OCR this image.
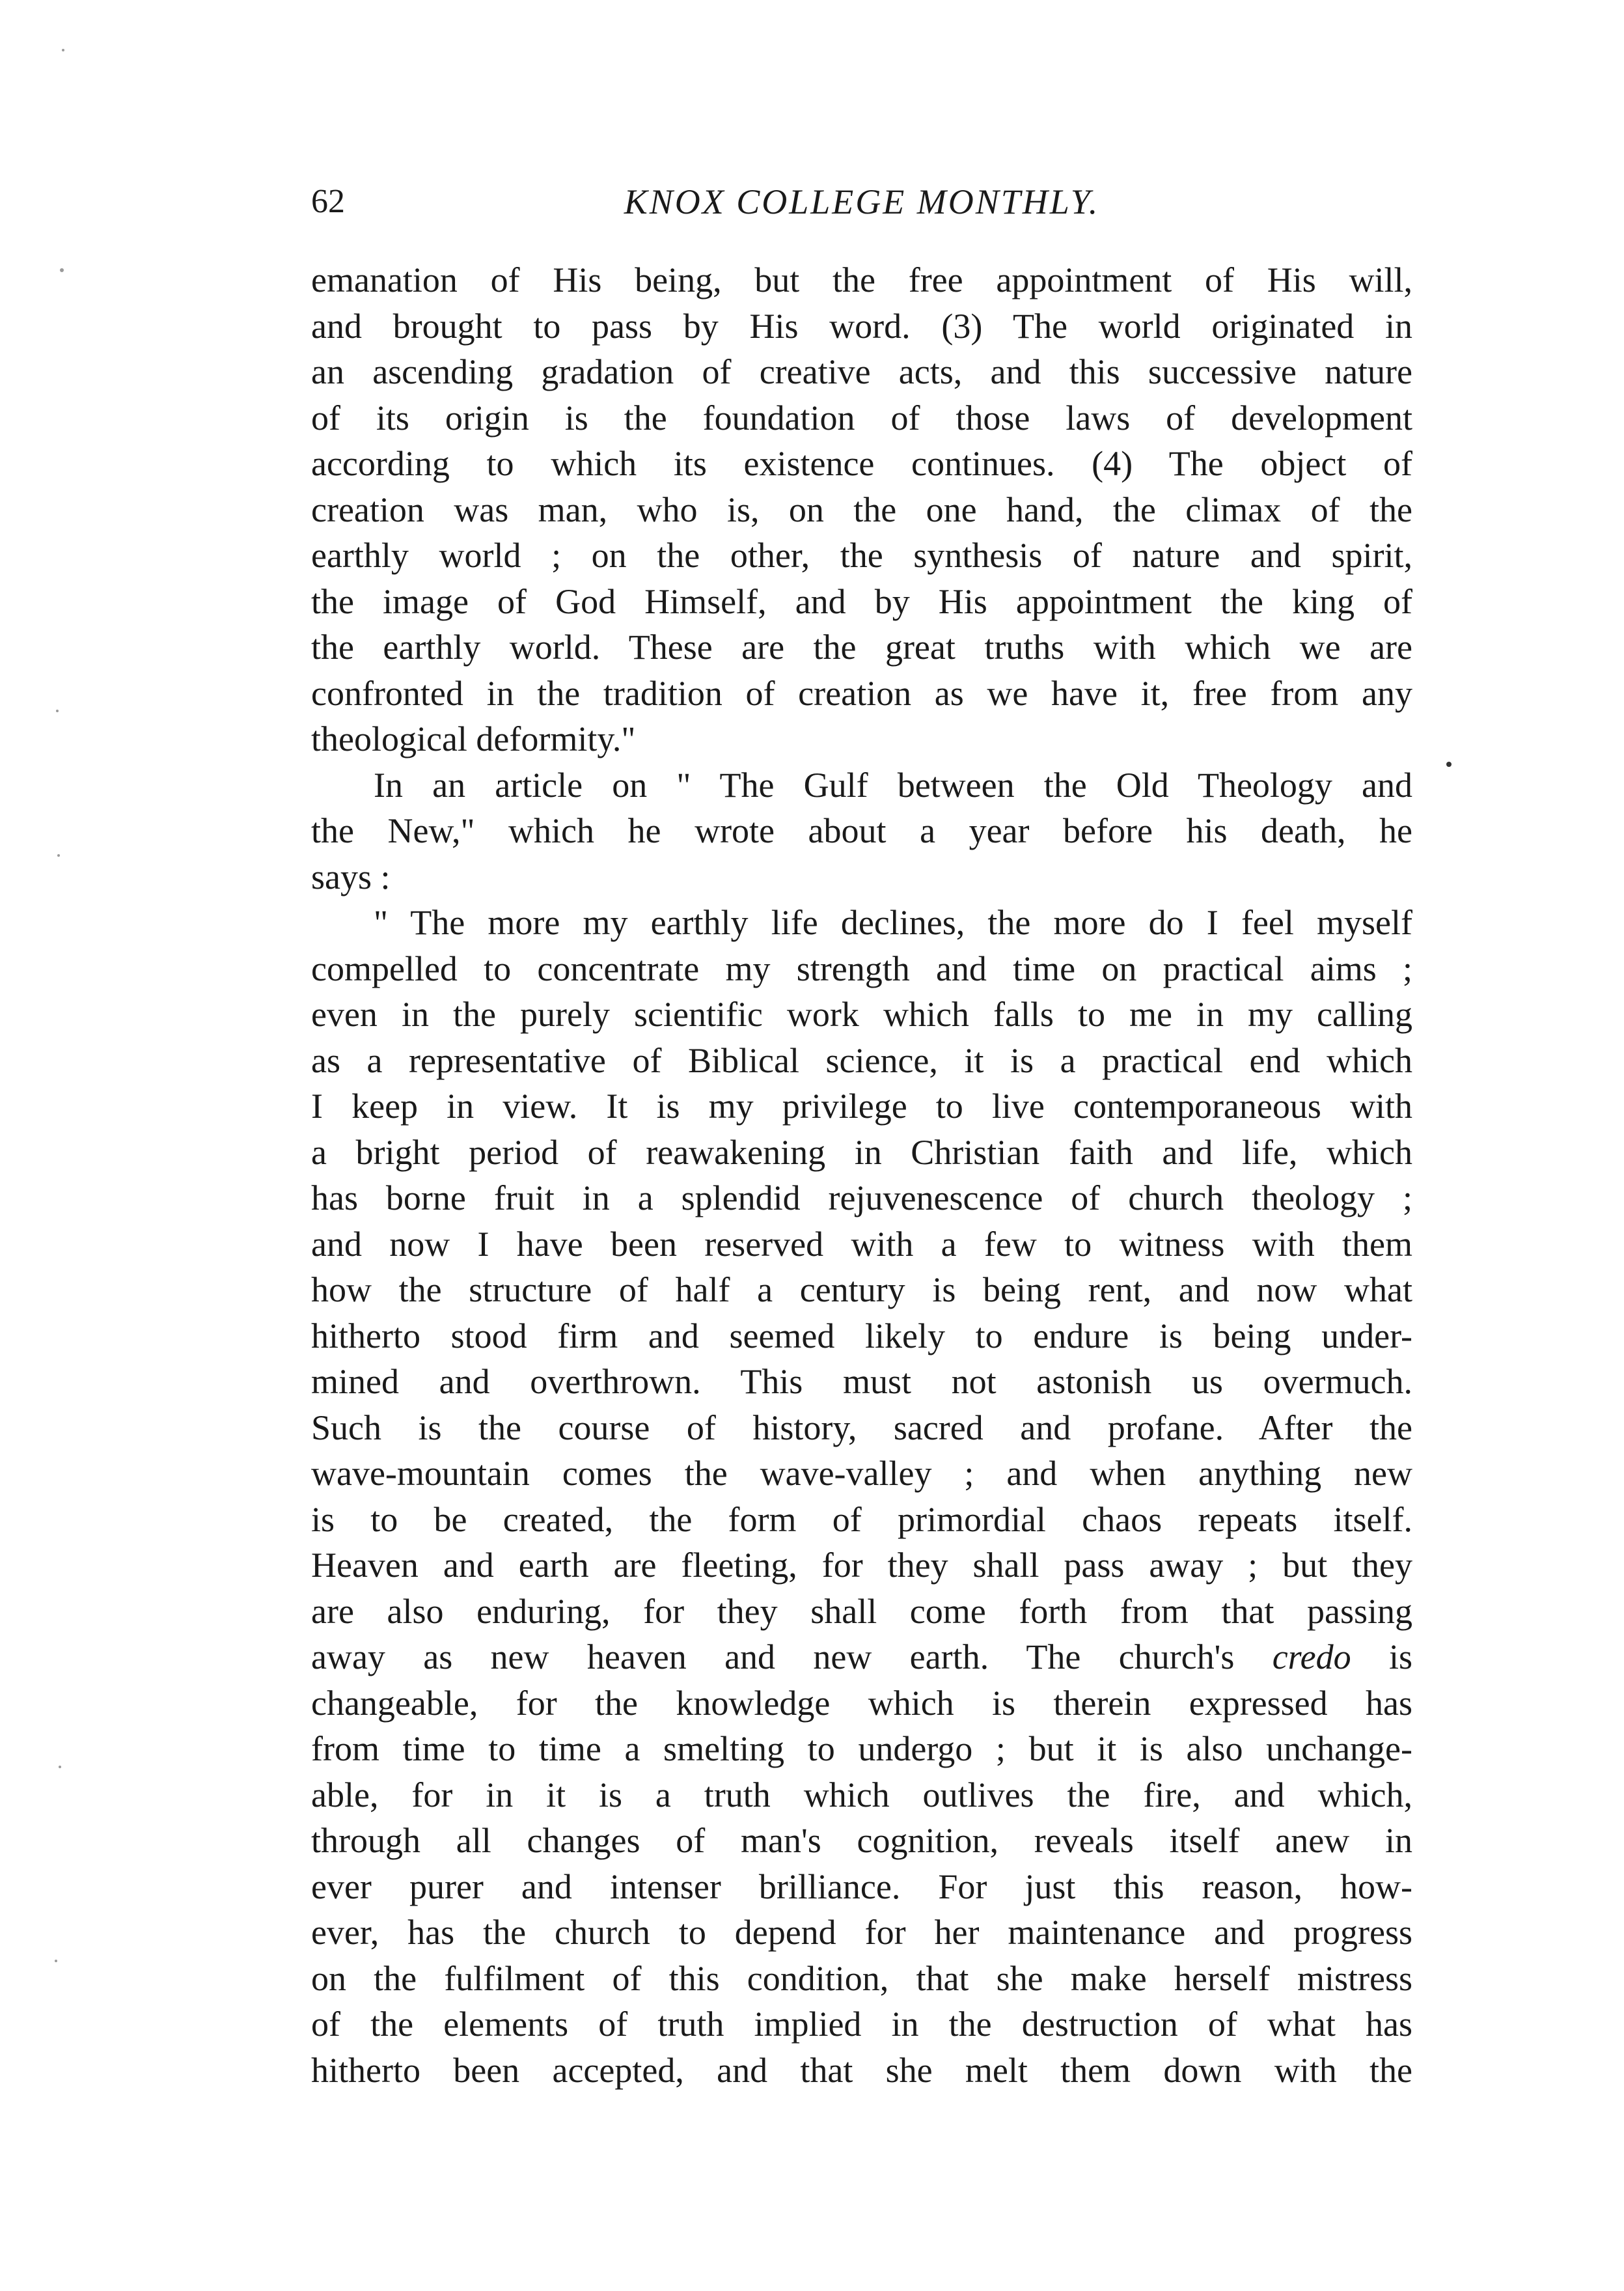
62	KNOX COLLEGE MONTHLY.
emanation of His being, but the free appointment of His will,
and brought to pass by His word. (3) The world originated in
an ascending gradation of creative acts, and this successive nature
of its origin is the foundation of those laws of development
according to which its existence continues. (4) The object of
creation was man, who is, on the one hand, the climax of the
earthly world ; on the other, the synthesis of nature and spirit,
the image of God Himself, and by His appointment the king of
the earthly world. These are the great truths with which we are
confronted in the tradition of creation as we have it, free from any
theological deformity."
In an article on " The Gulf between the Old Theology and
the New," which he wrote about a year before his death, he
says :
" The more my earthly life declines, the more do I feel myself
compelled to concentrate my strength and time on practical aims ;
even in the purely scientific work which falls to me in my calling
as a representative of Biblical science, it is a practical end which
I keep in view. It is my privilege to live contemporaneous with
a bright period of reawakening in Christian faith and life, which
has borne fruit in a splendid rejuvenescence of church theology ;
and now I have been reserved with a few to witness with them
how the structure of half a century is being rent, and now what
hitherto stood firm and seemed likely to endure is being under-
mined and overthrown. This must not astonish us overmuch.
Such is the course of history, sacred and profane. After the
wave-mountain comes the wave-valley ; and when anything new
is to be created, the form of primordial chaos repeats itself.
Heaven and earth are fleeting, for they shall pass away ; but they
are also enduring, for they shall come forth from that passing
away as new heaven and new earth. The church's credo is
changeable, for the knowledge which is therein expressed has
from time to time a smelting to undergo ; but it is also unchange-
able, for in it is a truth which outlives the fire, and which,
through all changes of man's cognition, reveals itself anew in
ever purer and intenser brilliance. For just this reason, how-
ever, has the church to depend for her maintenance and progress
on the fulfilment of this condition, that she make herself mistress
of the elements of truth implied in the destruction of what has
hitherto been accepted, and that she melt them down with the
